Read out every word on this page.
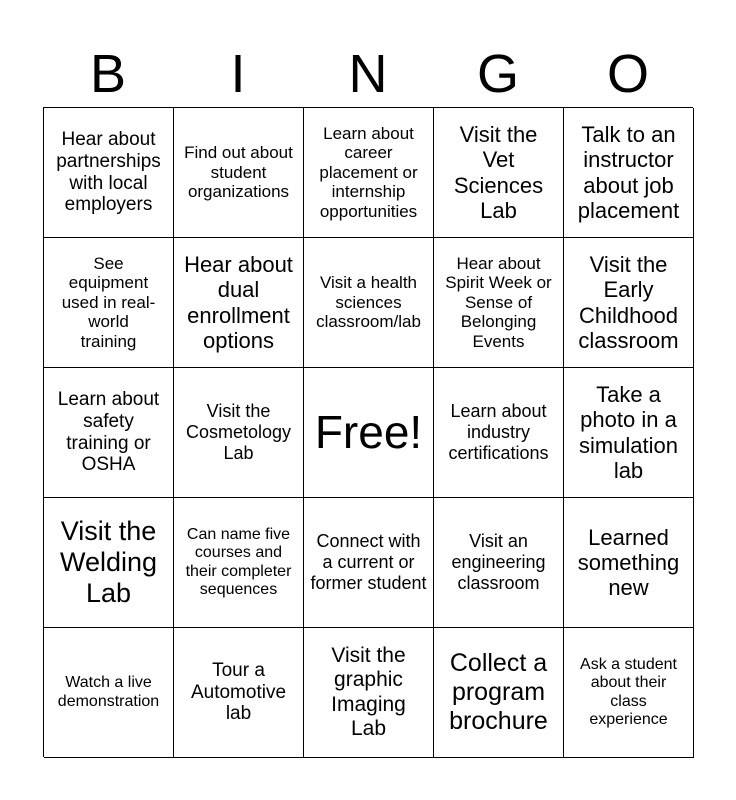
B	I	N	G	O
Hear about partnerships with local employers
Find out about student organizations
Learn about career placement or internship opportunities
Visit the Vet Sciences Lab
Talk to an instructor about job placement
See equipment used in real-world training
Hear about dual enrollment options
Visit a health sciences classroom/lab
Hear about Spirit Week or Sense of Belonging Events
Visit the Early Childhood classroom
Learn about safety training or OSHA
Visit the Cosmetology Lab	Free!	Learn about industry certifications
Take a photo in a simulation lab
Visit the Welding Lab
Can name five courses and their completer sequences
Connect with a current or former student
Visit an engineering classroom
Learned something new
Watch a live demonstration
Tour a Automotive lab
Visit the graphic Imaging Lab
Collect a program brochure
Ask a student about their class experience
